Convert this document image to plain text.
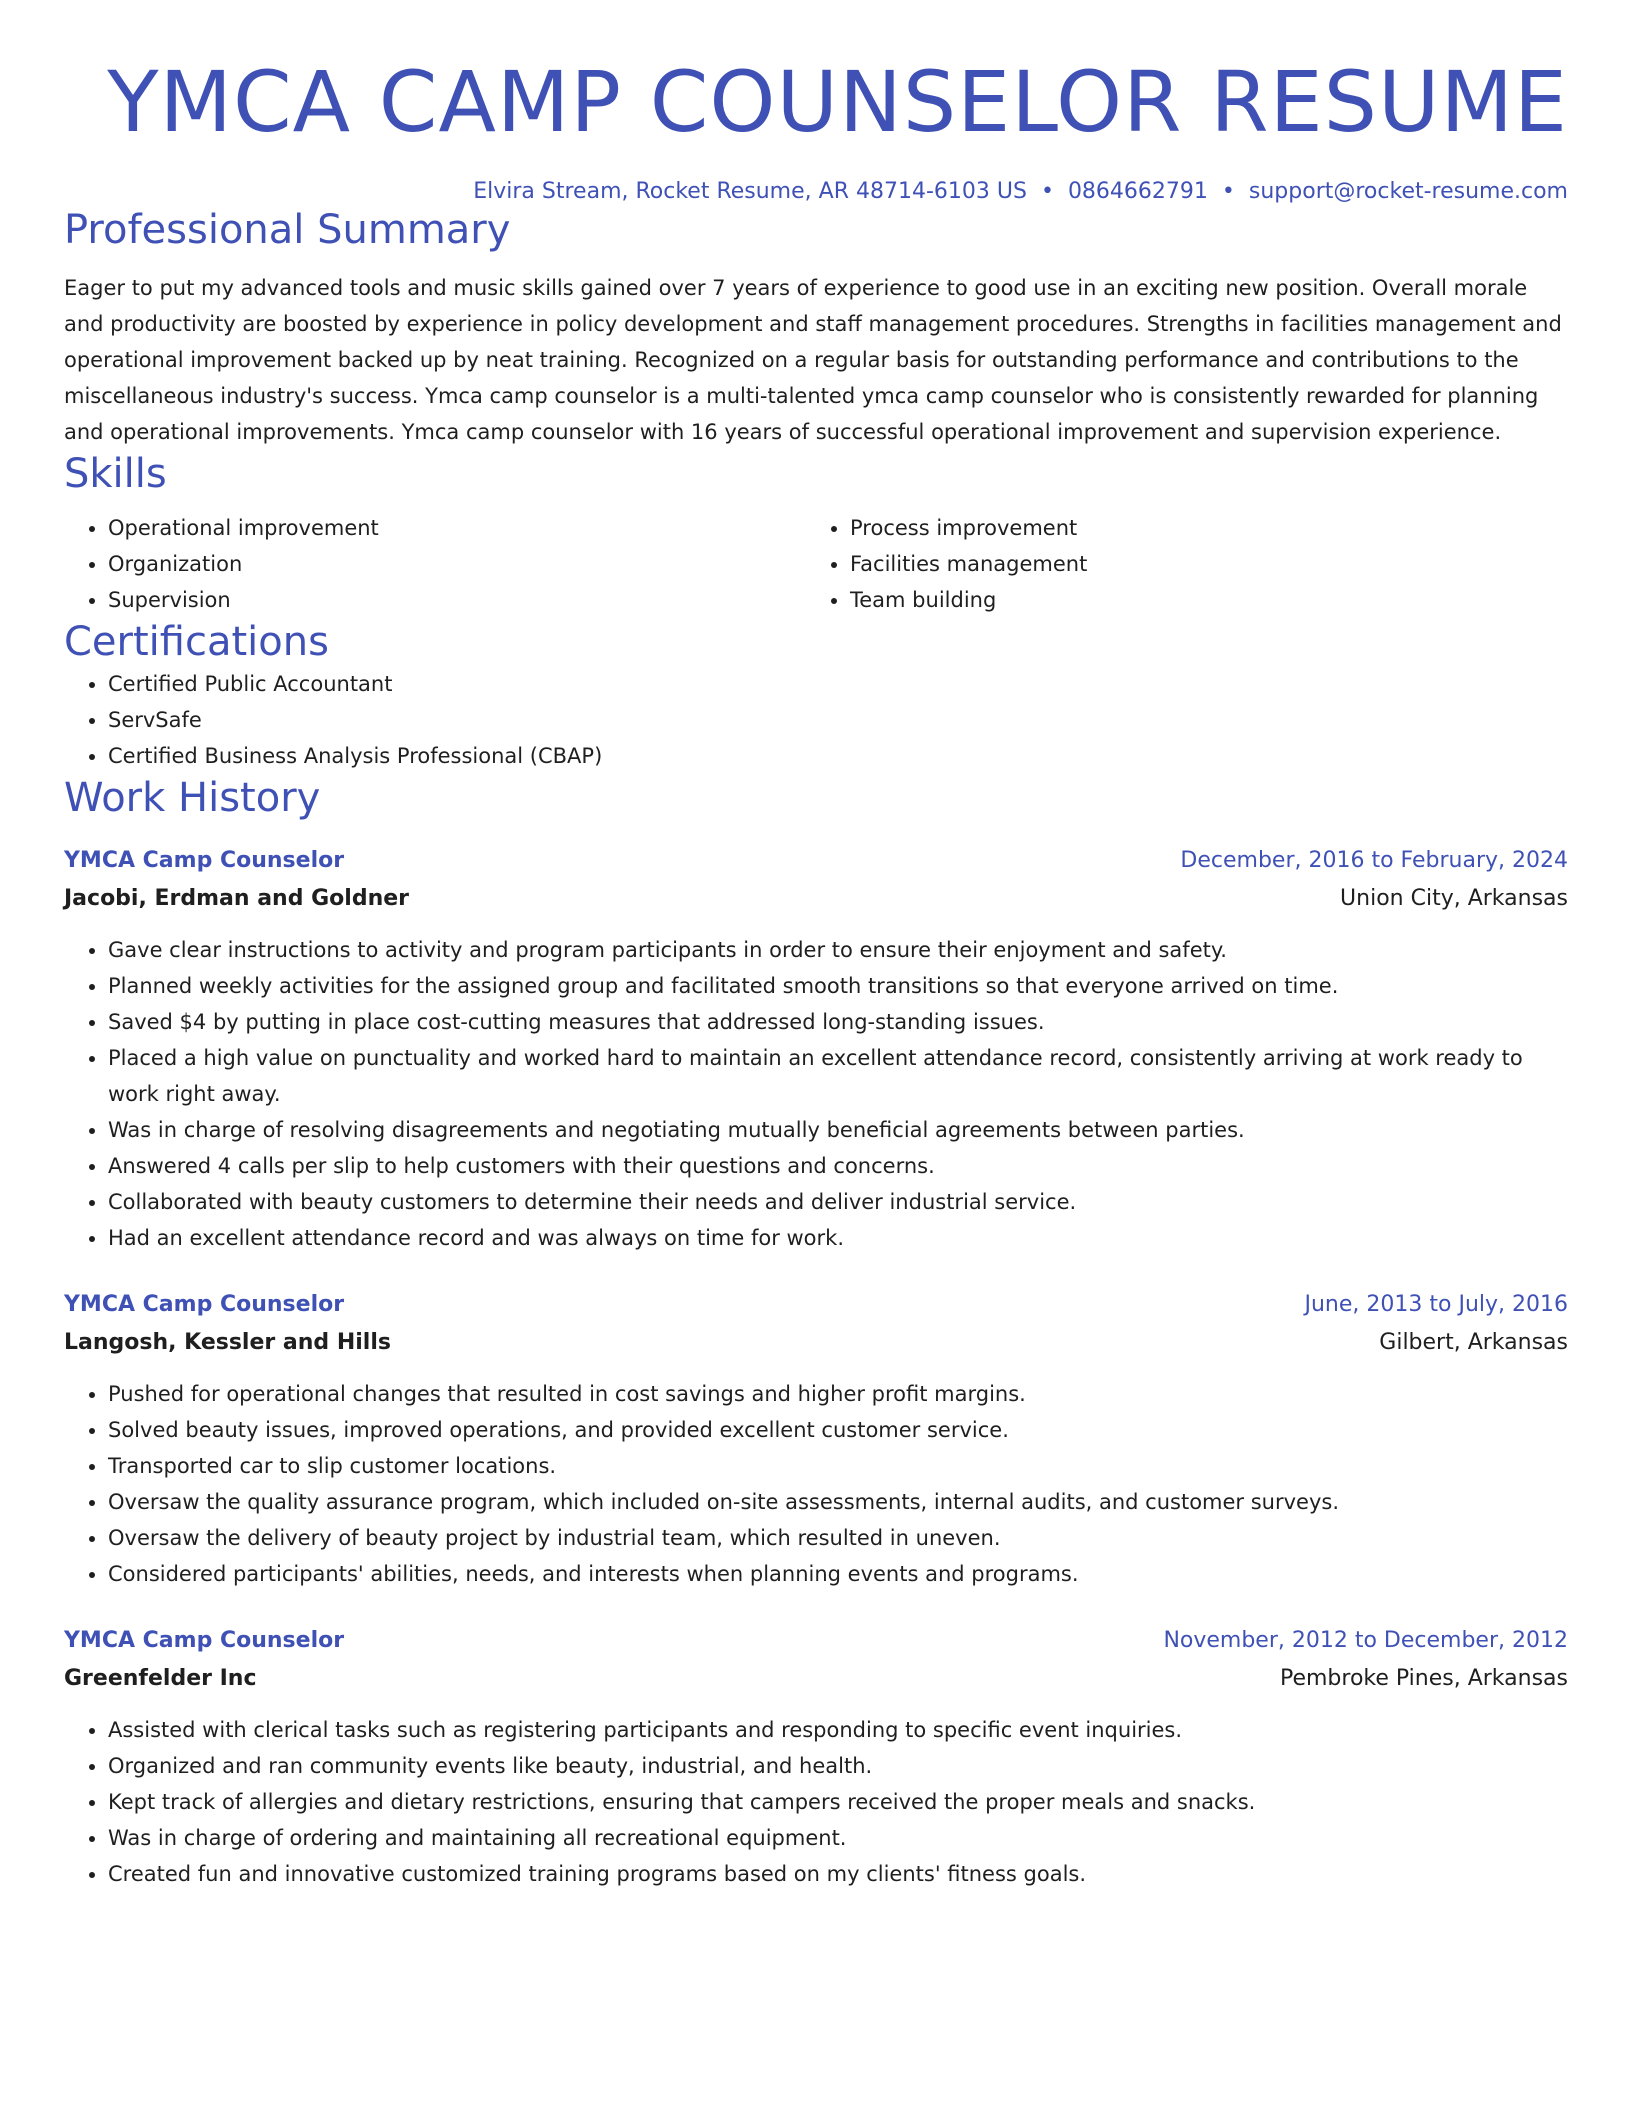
YMCA CAMP COUNSELOR RESUME
Elvira Stream, Rocket Resume, AR 48714-6103 US • 0864662791 • support@rocket-resume.com
Professional Summary

Eager to put my advanced tools and music skills gained over 7 years of experience to good use in an exciting new position. Overall morale and productivity are boosted by experience in policy development and staff management procedures. Strengths in facilities management and operational improvement backed up by neat training. Recognized on a regular basis for outstanding performance and contributions to the miscellaneous industry's success. Ymca camp counselor is a multi-talented ymca camp counselor who is consistently rewarded for planning and operational improvements. Ymca camp counselor with 16 years of successful operational improvement and supervision experience.

Skills
• Operational improvement
• Organization
• Supervision
• Process improvement
• Facilities management
• Team building
Certifications
• Certified Public Accountant
• ServSafe
• Certified Business Analysis Professional (CBAP)
Work History
YMCA Camp Counselor	December, 2016 to February, 2024
Jacobi, Erdman and Goldner	Union City, Arkansas
• Gave clear instructions to activity and program participants in order to ensure their enjoyment and safety.
• Planned weekly activities for the assigned group and facilitated smooth transitions so that everyone arrived on time.
• Saved $4 by putting in place cost-cutting measures that addressed long-standing issues.
• Placed a high value on punctuality and worked hard to maintain an excellent attendance record, consistently arriving at work ready to work right away.
• Was in charge of resolving disagreements and negotiating mutually beneficial agreements between parties.
• Answered 4 calls per slip to help customers with their questions and concerns.
• Collaborated with beauty customers to determine their needs and deliver industrial service.
• Had an excellent attendance record and was always on time for work.
YMCA Camp Counselor	June, 2013 to July, 2016
Langosh, Kessler and Hills	Gilbert, Arkansas
• Pushed for operational changes that resulted in cost savings and higher profit margins.
• Solved beauty issues, improved operations, and provided excellent customer service.
• Transported car to slip customer locations.
• Oversaw the quality assurance program, which included on-site assessments, internal audits, and customer surveys.
• Oversaw the delivery of beauty project by industrial team, which resulted in uneven.
• Considered participants' abilities, needs, and interests when planning events and programs.
YMCA Camp Counselor	November, 2012 to December, 2012
Greenfelder Inc	Pembroke Pines, Arkansas
• Assisted with clerical tasks such as registering participants and responding to specific event inquiries.
• Organized and ran community events like beauty, industrial, and health.
• Kept track of allergies and dietary restrictions, ensuring that campers received the proper meals and snacks.
• Was in charge of ordering and maintaining all recreational equipment.
• Created fun and innovative customized training programs based on my clients' fitness goals.
